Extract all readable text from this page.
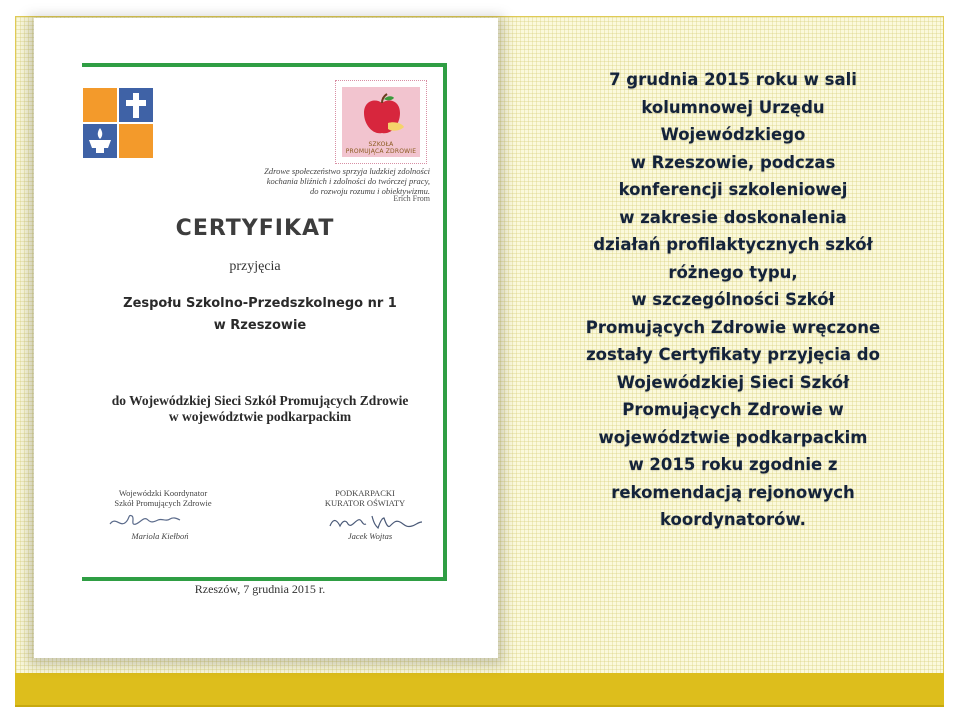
SZKOŁA
PROMUJĄCA ZDROWIE
Zdrowe społeczeństwo sprzyja ludzkiej zdolności
kochania bliźnich i zdolności do twórczej pracy,
do rozwoju rozumu i obiektywizmu.
Erich From
CERTYFIKAT
przyjęcia
Zespołu Szkolno-Przedszkolnego nr 1
w Rzeszowie
do Wojewódzkiej Sieci Szkół Promujących Zdrowie
w województwie podkarpackim
Wojewódzki Koordynator
Szkół Promujących Zdrowie
Mariola Kiełboń
PODKARPACKI
KURATOR OŚWIATY
Jacek Wojtas
Rzeszów, 7 grudnia 2015 r.
7 grudnia 2015 roku w sali
kolumnowej Urzędu
Wojewódzkiego
w Rzeszowie, podczas
konferencji szkoleniowej
w zakresie doskonalenia
działań profilaktycznych szkół
różnego typu,
w szczególności Szkół
Promujących Zdrowie wręczone
zostały Certyfikaty przyjęcia do
Wojewódzkiej Sieci Szkół
Promujących Zdrowie w
województwie podkarpackim
w 2015 roku zgodnie z
rekomendacją rejonowych
koordynatorów.
